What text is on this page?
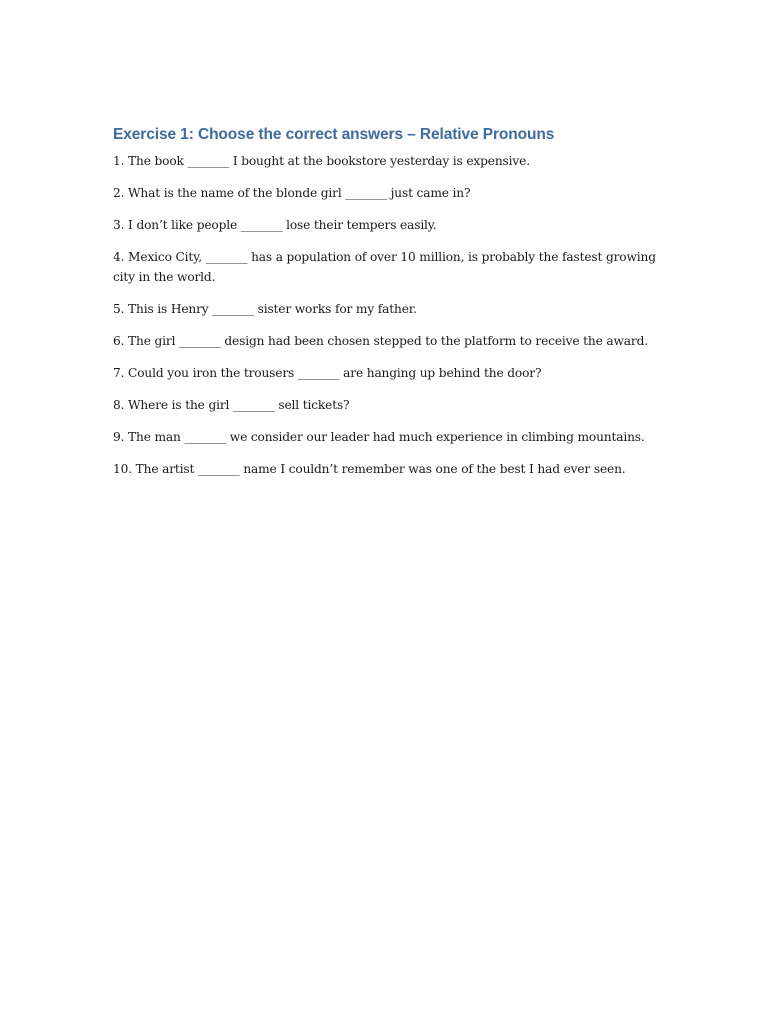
Exercise 1: Choose the correct answers – Relative Pronouns
1. The book _______ I bought at the bookstore yesterday is expensive.
2. What is the name of the blonde girl _______ just came in?
3. I don’t like people _______ lose their tempers easily.
4. Mexico City, _______ has a population of over 10 million, is probably the fastest growing city in the world.
5. This is Henry _______ sister works for my father.
6. The girl _______ design had been chosen stepped to the platform to receive the award.
7. Could you iron the trousers _______ are hanging up behind the door?
8. Where is the girl _______ sell tickets?
9. The man _______ we consider our leader had much experience in climbing mountains.
10. The artist _______ name I couldn’t remember was one of the best I had ever seen.
